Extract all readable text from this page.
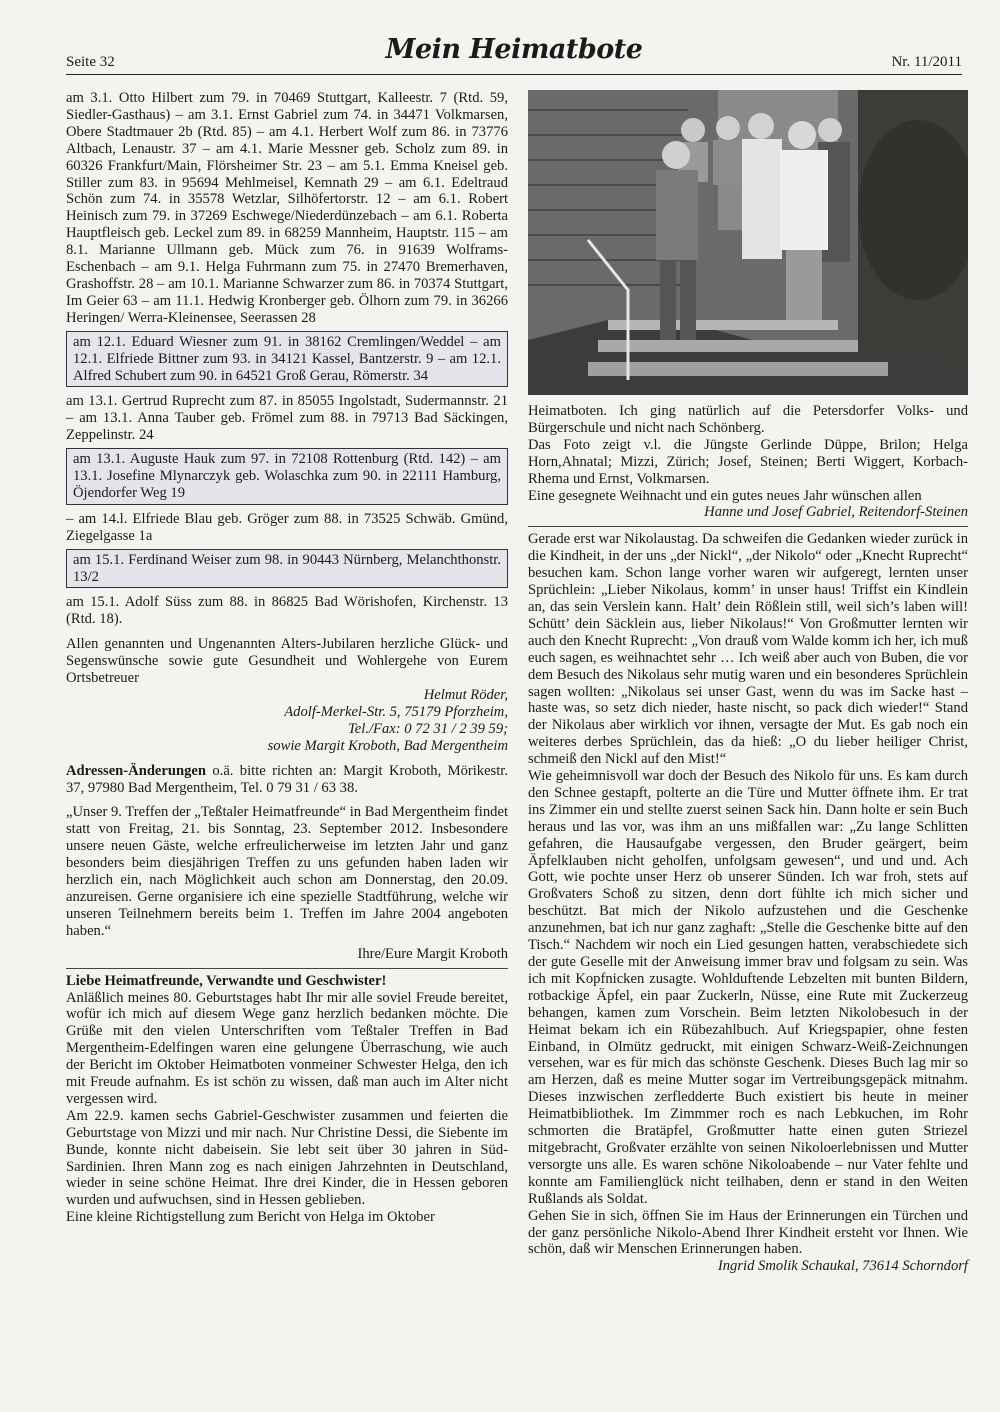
Seite 32	Mein Heimatbote	Nr. 11/2011

am 3.1. Otto Hilbert zum 79. in 70469 Stuttgart, Kalleestr. 7 (Rtd. 59, Siedler-Gasthaus) – am 3.1. Ernst Gabriel zum 74. in 34471 Volkmarsen, Obere Stadtmauer 2b (Rtd. 85) – am 4.1. Herbert Wolf zum 86. in 73776 Altbach, Lenaustr. 37 – am 4.1. Marie Messner geb. Scholz zum 89. in 60326 Frankfurt/Main, Flörsheimer Str. 23 – am 5.1. Emma Kneisel geb. Stiller zum 83. in 95694 Mehlmeisel, Kemnath 29 – am 6.1. Edeltraud Schön zum 74. in 35578 Wetzlar, Silhöfertorstr. 12 – am 6.1. Robert Heinisch zum 79. in 37269 Eschwege/Niederdünzebach – am 6.1. Roberta Hauptfleisch geb. Leckel zum 89. in 68259 Mannheim, Hauptstr. 115 – am 8.1. Marianne Ullmann geb. Mück zum 76. in 91639 Wolframs-Eschenbach – am 9.1. Helga Fuhrmann zum 75. in 27470 Bremerhaven, Grashoffstr. 28 – am 10.1. Marianne Schwarzer zum 86. in 70374 Stuttgart, Im Geier 63 – am 11.1. Hedwig Kronberger geb. Ölhorn zum 79. in 36266 Heringen/ Werra-Kleinensee, Seerassen 28

am 12.1. Eduard Wiesner zum 91. in 38162 Cremlingen/Weddel – am 12.1. Elfriede Bittner zum 93. in 34121 Kassel, Bantzerstr. 9 – am 12.1. Alfred Schubert zum 90. in 64521 Groß Gerau, Römerstr. 34

am 13.1. Gertrud Ruprecht zum 87. in 85055 Ingolstadt, Sudermannstr. 21 – am 13.1. Anna Tauber geb. Frömel zum 88. in 79713 Bad Säckingen, Zeppelinstr. 24

am 13.1. Auguste Hauk zum 97. in 72108 Rottenburg (Rtd. 142) – am 13.1. Josefine Mlynarczyk geb. Wolaschka zum 90. in 22111 Hamburg, Öjendorfer Weg 19

– am 14.l. Elfriede Blau geb. Gröger zum 88. in 73525 Schwäb. Gmünd, Ziegelgasse 1a

am 15.1. Ferdinand Weiser zum 98. in 90443 Nürnberg, Melanchthonstr. 13/2

am 15.1. Adolf Süss zum 88. in 86825 Bad Wörishofen, Kirchenstr. 13 (Rtd. 18).

Allen genannten und Ungenannten Alters-Jubilaren herzliche Glück- und Segenswünsche sowie gute Gesundheit und Wohlergehe von Eurem Ortsbetreuer

Helmut Röder,
Adolf-Merkel-Str. 5, 75179 Pforzheim,
Tel./Fax: 0 72 31 / 2 39 59;
sowie Margit Kroboth, Bad Mergentheim

Adressen-Änderungen o.ä. bitte richten an: Margit Kroboth, Mörikestr. 37, 97980 Bad Mergentheim, Tel. 0 79 31 / 63 38.

„Unser 9. Treffen der „Teßtaler Heimatfreunde“ in Bad Mergentheim findet statt von Freitag, 21. bis Sonntag, 23. September 2012. Insbesondere unsere neuen Gäste, welche erfreulicherweise im letzten Jahr und ganz besonders beim diesjährigen Treffen zu uns gefunden haben laden wir herzlich ein, nach Möglichkeit auch schon am Donnerstag, den 20.09. anzureisen. Gerne organisiere ich eine spezielle Stadtführung, welche wir unseren Teilnehmern bereits beim 1. Treffen im Jahre 2004 angeboten haben.“

Ihre/Eure Margit Kroboth

Liebe Heimatfreunde, Verwandte und Geschwister!

Anläßlich meines 80. Geburtstages habt Ihr mir alle soviel Freude bereitet, wofür ich mich auf diesem Wege ganz herzlich bedanken möchte. Die Grüße mit den vielen Unterschriften vom Teßtaler Treffen in Bad Mergentheim-Edelfingen waren eine gelungene Überraschung, wie auch der Bericht im Oktober Heimatboten vonmeiner Schwester Helga, den ich mit Freude aufnahm. Es ist schön zu wissen, daß man auch im Alter nicht vergessen wird.

Am 22.9. kamen sechs Gabriel-Geschwister zusammen und feierten die Geburtstage von Mizzi und mir nach. Nur Christine Dessi, die Siebente im Bunde, konnte nicht dabeisein. Sie lebt seit über 30 jahren in Süd-Sardinien. Ihren Mann zog es nach einigen Jahrzehnten in Deutschland, wieder in seine schöne Heimat. Ihre drei Kinder, die in Hessen geboren wurden und aufwuchsen, sind in Hessen geblieben.

Eine kleine Richtigstellung zum Bericht von Helga im Oktober

Heimatboten. Ich ging natürlich auf die Petersdorfer Volks- und Bürgerschule und nicht nach Schönberg.

Das Foto zeigt v.l. die Jüngste Gerlinde Düppe, Brilon; Helga Horn,Ahnatal; Mizzi, Zürich; Josef, Steinen; Berti Wiggert, Korbach-Rhema und Ernst, Volkmarsen.

Eine gesegnete Weihnacht und ein gutes neues Jahr wünschen allen

Hanne und Josef Gabriel, Reitendorf-Steinen

Gerade erst war Nikolaustag. Da schweifen die Gedanken wieder zurück in die Kindheit, in der uns „der Nickl“, „der Nikolo“ oder „Knecht Ruprecht“ besuchen kam. Schon lange vorher waren wir aufgeregt, lernten unser Sprüchlein: „Lieber Nikolaus, komm’ in unser haus! Triffst ein Kindlein an, das sein Verslein kann. Halt’ dein Rößlein still, weil sich’s laben will! Schütt’ dein Säcklein aus, lieber Nikolaus!“ Von Großmutter lernten wir auch den Knecht Ruprecht: „Von drauß vom Walde komm ich her, ich muß euch sagen, es weihnachtet sehr … Ich weiß aber auch von Buben, die vor dem Besuch des Nikolaus sehr mutig waren und ein besonderes Sprüchlein sagen wollten: „Nikolaus sei unser Gast, wenn du was im Sacke hast – haste was, so setz dich nieder, haste nischt, so pack dich wieder!“ Stand der Nikolaus aber wirklich vor ihnen, versagte der Mut. Es gab noch ein weiteres derbes Sprüchlein, das da hieß: „O du lieber heiliger Christ, schmeiß den Nickl auf den Mist!“

Wie geheimnisvoll war doch der Besuch des Nikolo für uns. Es kam durch den Schnee gestapft, polterte an die Türe und Mutter öffnete ihm. Er trat ins Zimmer ein und stellte zuerst seinen Sack hin. Dann holte er sein Buch heraus und las vor, was ihm an uns mißfallen war: „Zu lange Schlitten gefahren, die Hausaufgabe vergessen, den Bruder geärgert, beim Äpfelklauben nicht geholfen, unfolgsam gewesen“, und und und. Ach Gott, wie pochte unser Herz ob unserer Sünden. Ich war froh, stets auf Großvaters Schoß zu sitzen, denn dort fühlte ich mich sicher und beschützt. Bat mich der Nikolo aufzustehen und die Geschenke anzunehmen, bat ich nur ganz zaghaft: „Stelle die Geschenke bitte auf den Tisch.“ Nachdem wir noch ein Lied gesungen hatten, verabschiedete sich der gute Geselle mit der Anweisung immer brav und folgsam zu sein. Was ich mit Kopfnicken zusagte. Wohlduftende Lebzelten mit bunten Bildern, rotbackige Äpfel, ein paar Zuckerln, Nüsse, eine Rute mit Zuckerzeug behangen, kamen zum Vorschein. Beim letzten Nikolobesuch in der Heimat bekam ich ein Rübezahlbuch. Auf Kriegspapier, ohne festen Einband, in Olmütz gedruckt, mit einigen Schwarz-Weiß-Zeichnungen versehen, war es für mich das schönste Geschenk. Dieses Buch lag mir so am Herzen, daß es meine Mutter sogar im Vertreibungsgepäck mitnahm. Dieses inzwischen zerfledderte Buch existiert bis heute in meiner Heimatbibliothek. Im Zimmmer roch es nach Lebkuchen, im Rohr schmorten die Bratäpfel, Großmutter hatte einen guten Striezel mitgebracht, Großvater erzählte von seinen Nikoloerlebnissen und Mutter versorgte uns alle. Es waren schöne Nikoloabende – nur Vater fehlte und konnte am Familienglück nicht teilhaben, denn er stand in den Weiten Rußlands als Soldat.

Gehen Sie in sich, öffnen Sie im Haus der Erinnerungen ein Türchen und der ganz persönliche Nikolo-Abend Ihrer Kindheit ersteht vor Ihnen. Wie schön, daß wir Menschen Erinnerungen haben.

Ingrid Smolik Schaukal, 73614 Schorndorf
